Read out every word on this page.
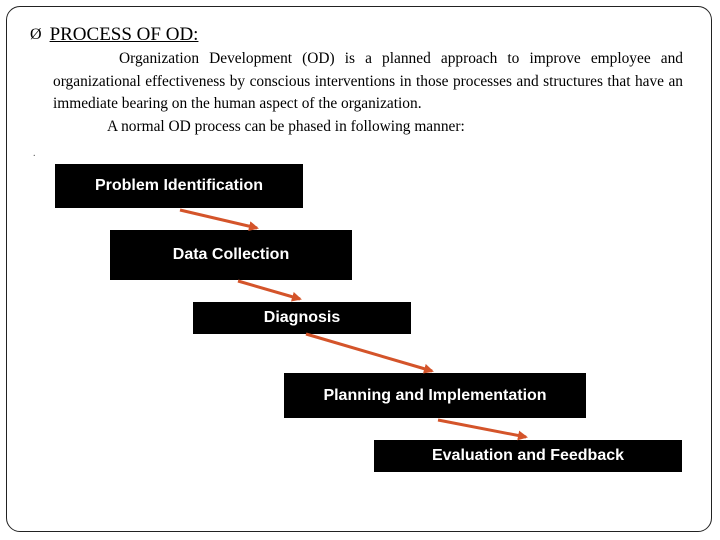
Ø PROCESS OF OD:
Organization Development (OD) is a planned approach to improve employee and organizational effectiveness by conscious interventions in those processes and structures that have an immediate bearing on the human aspect of the organization.
A normal OD process can be phased in following manner:
.
Problem Identification
Data Collection
Diagnosis
Planning and Implementation
Evaluation and Feedback
